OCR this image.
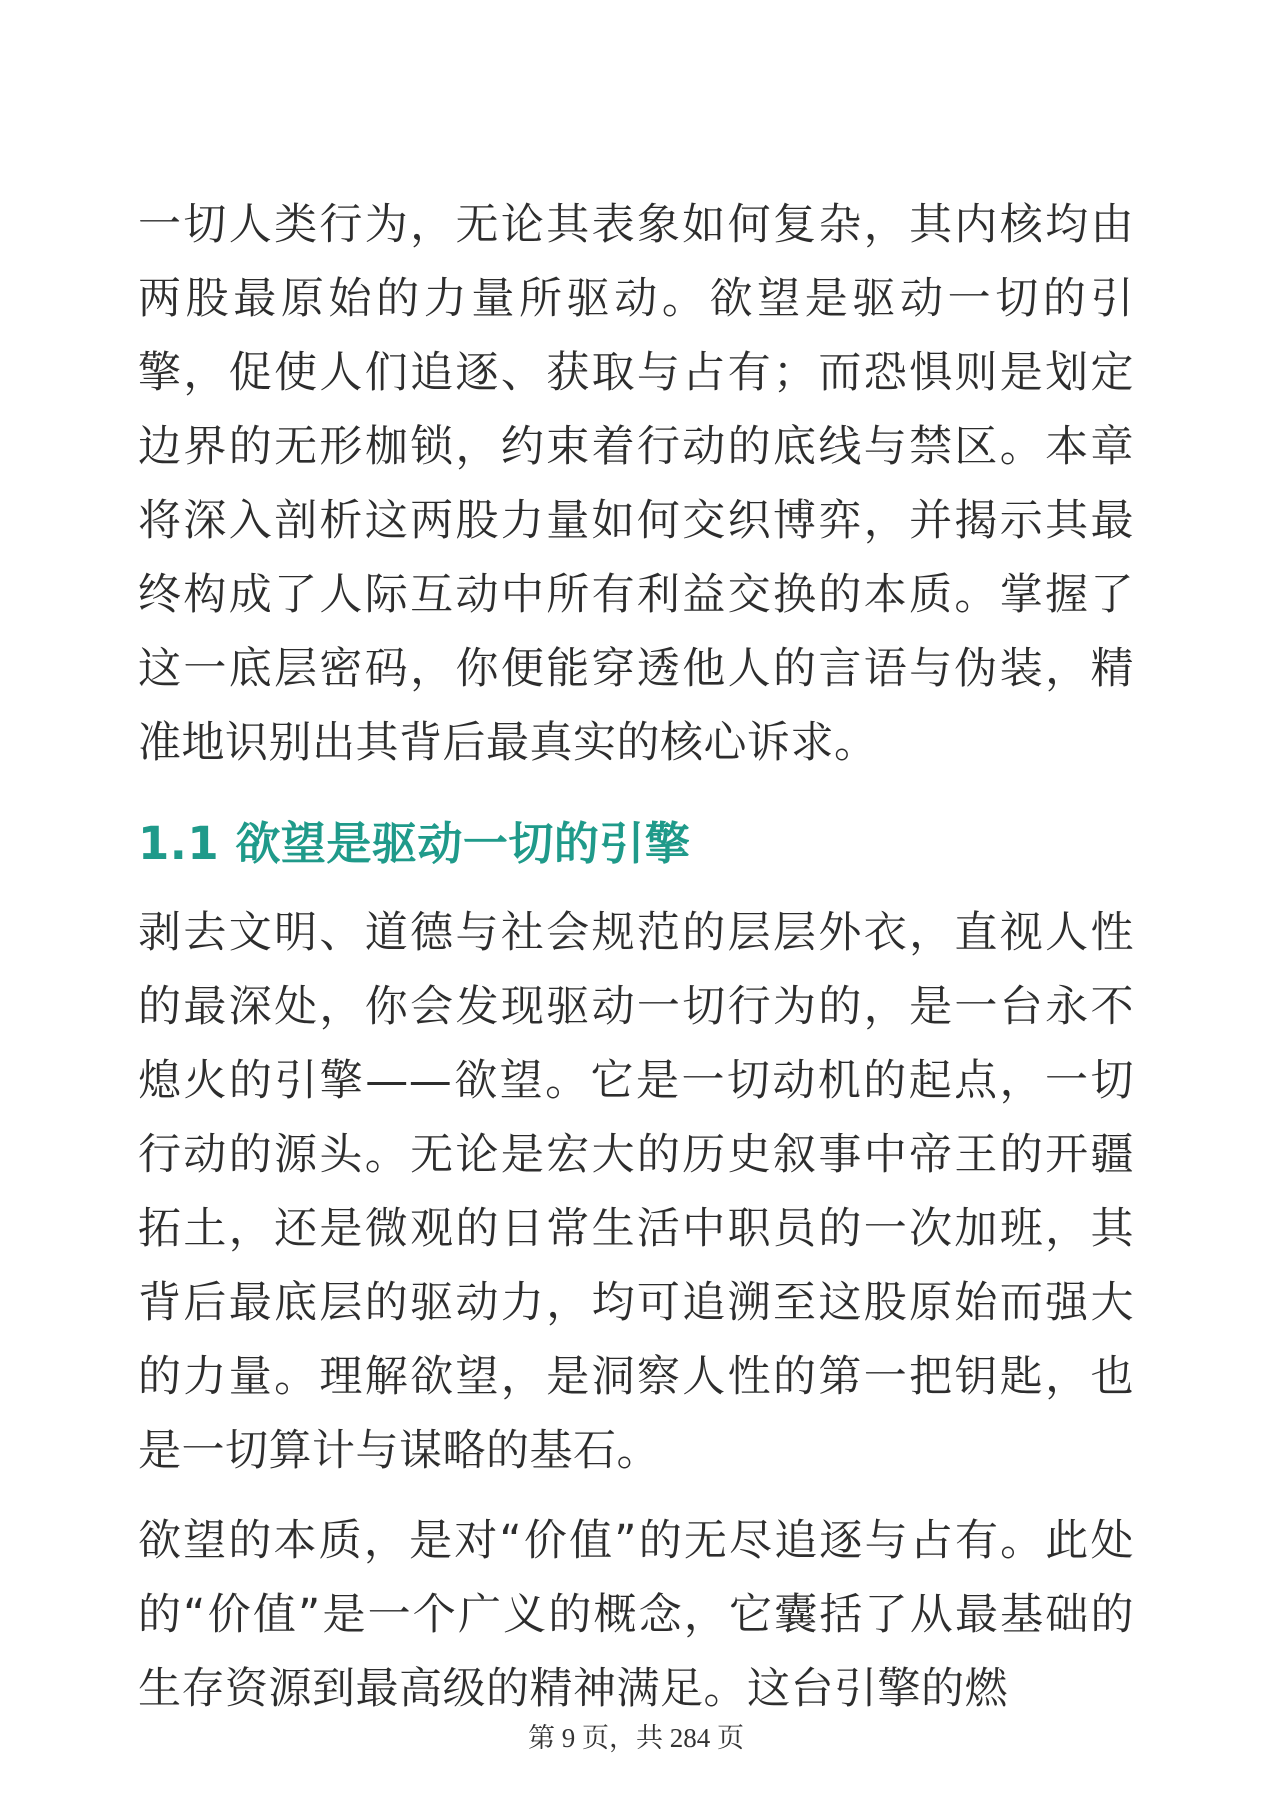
一切人类行为，无论其表象如何复杂，其内核均由两股最原始的力量所驱动。欲望是驱动一切的引擎，促使人们追逐、获取与占有；而恐惧则是划定边界的无形枷锁，约束着行动的底线与禁区。本章将深入剖析这两股力量如何交织博弈，并揭示其最终构成了人际互动中所有利益交换的本质。掌握了这一底层密码，你便能穿透他人的言语与伪装，精准地识别出其背后最真实的核心诉求。

1.1 欲望是驱动一切的引擎

剥去文明、道德与社会规范的层层外衣，直视人性的最深处，你会发现驱动一切行为的，是一台永不熄火的引擎——欲望。它是一切动机的起点，一切行动的源头。无论是宏大的历史叙事中帝王的开疆拓土，还是微观的日常生活中职员的一次加班，其背后最底层的驱动力，均可追溯至这股原始而强大的力量。理解欲望，是洞察人性的第一把钥匙，也是一切算计与谋略的基石。

欲望的本质，是对“价值”的无尽追逐与占有。此处的“价值”是一个广义的概念，它囊括了从最基础的生存资源到最高级的精神满足。这台引擎的燃

第 9 页，共 284 页
